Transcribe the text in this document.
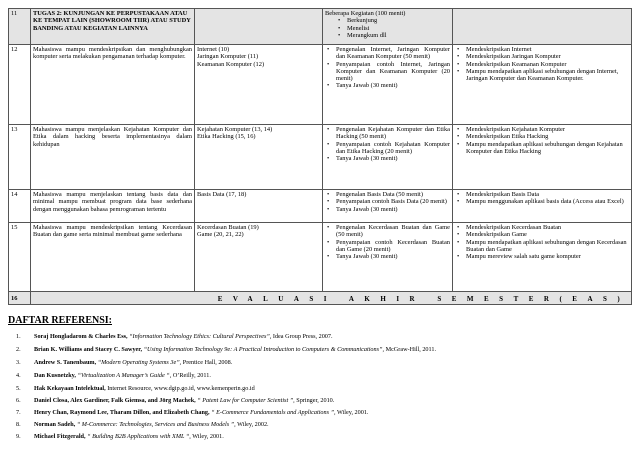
11	TUGAS 2: KUNJUNGAN KE PERPUSTAKAAN ATAU KE TEMPAT LAIN (SHOWROOM TIIR) ATAU STUDY BANDING ATAU KEGIATAN LAINNYA
Beberapa Kegiatan (100 menit)
• Berkunjung
• Menelisi
• Merangkum dll
12	Mahasiswa mampu mendeskripsikan dan menghubungkan komputer serta melakukan pengamanan terhadap komputer.
Internet (10)
Jaringan Komputer (11)
Keamanan Komputer (12)
• Pengenalan Internet, Jaringan Komputer dan Keamanan Komputer (50 menit)
• Penyampaian contoh Internet, Jaringan Komputer dan Keamanan Komputer (20 menit)
• Tanya Jawab (30 menit)
• Mendeskripsikan Internet
• Mendeskripsikan Jaringan Komputer
• Mendeskripsikan Keamanan Komputer
• Mampu mendapatkan aplikasi sebuhungan dengan Internet, Jaringan Komputer dan Keamanan Komputer.
13	Mahasiswa mampu menjelaskan Kejahatan Komputer dan Etika dalam hacking beserta implementasinya dalam kehidupan
Kejahatan Komputer (13, 14)
Etika Hacking (15, 16)
• Pengenalan Kejahatan Komputer dan Etika Hacking (50 menit)
• Penyampaian contoh Kejahatan Komputer dan Etika Hacking (20 menit)
• Tanya Jawab (30 menit)
• Mendeskripsikan Kejahatan Komputer
• Mendeskripsikan Etika Hacking
• Mampu mendapatkan aplikasi sebuhungan dengan Kejahatan Komputer dan Etika Hacking
14	Mahasiswa mampu menjelaskan tentang basis data dan minimal mampu membuat program data base sederhana dengan menggunakan bahasa pemrograman tertentu
Basis Data (17, 18)
•	Pengenalan Basis Data (50 menit)
• Penyampaian contoh Basis Data (20 menit)
• Tanya Jawab (30 menit)
• Mendeskripsikan Basis Data
• Mampu menggunakan aplikasi basis data (Access atau Excel)
15	Mahasiswa mampu mendeskripsikan tentang Kecerdasan Buatan dan game serta minimal membuat game sederhana
Kecerdasan Buatan (19)
Game (20, 21, 22)
• Pengenalan Kecerdasan Buatan dan Game (50 menit)
• Penyampaian contoh Kecerdasan Buatan dan Game (20 menit)
• Tanya Jawab (30 menit)
• Mendeskripsikan Kecerdasan Buatan
• Mendeskripsikan Game
• Mampu mendapatkan aplikasi sebuhungan dengan Kecerdasan Buatan dan Game
• Mampu mereview salah satu game komputer
16	EVALUASI AKHIR SEMESTER(EAS)
DAFTAR REFERENSI:
1. Soraj Hongladarom & Charles Ess, “Information Technology Ethics: Cultural Perspectives”, Idea Group Press, 2007.
2. Brian K. Williams and Stacey C. Sawyer, “Using Information Technology 9e: A Practical Introduction to Computers & Communications”, McGraw-Hill, 2011.
3. Andrew S. Tanenbaum, “Modern Operating Systems 3e”, Prentice Hall, 2008.
4. Dan Kusnetzky, “Virtualization A Manager’s Guide “, O’Reilly, 2011.
5. Hak Kekayaan Intelektual, Internet Resource, www.dgip.go.id, www.kemenperin.go.id
6. Daniel Closa, Alex Gardiner, Falk Giemsa, and Jörg Machek, “ Patent Law for Computer Scientist ”, Springer, 2010.
7. Henry Chan, Raymond Lee, Tharam Dillon, and Elizabeth Chang, “ E-Commerce Fundamentals and Applications ”, Wiley, 2001.
8. Norman Sadeh, “ M-Commerce: Technologies, Services and Business Models ”, Wiley, 2002.
9. Michael Fitzgerald, “ Building B2B Applications with XML “, Wiley, 2001.
